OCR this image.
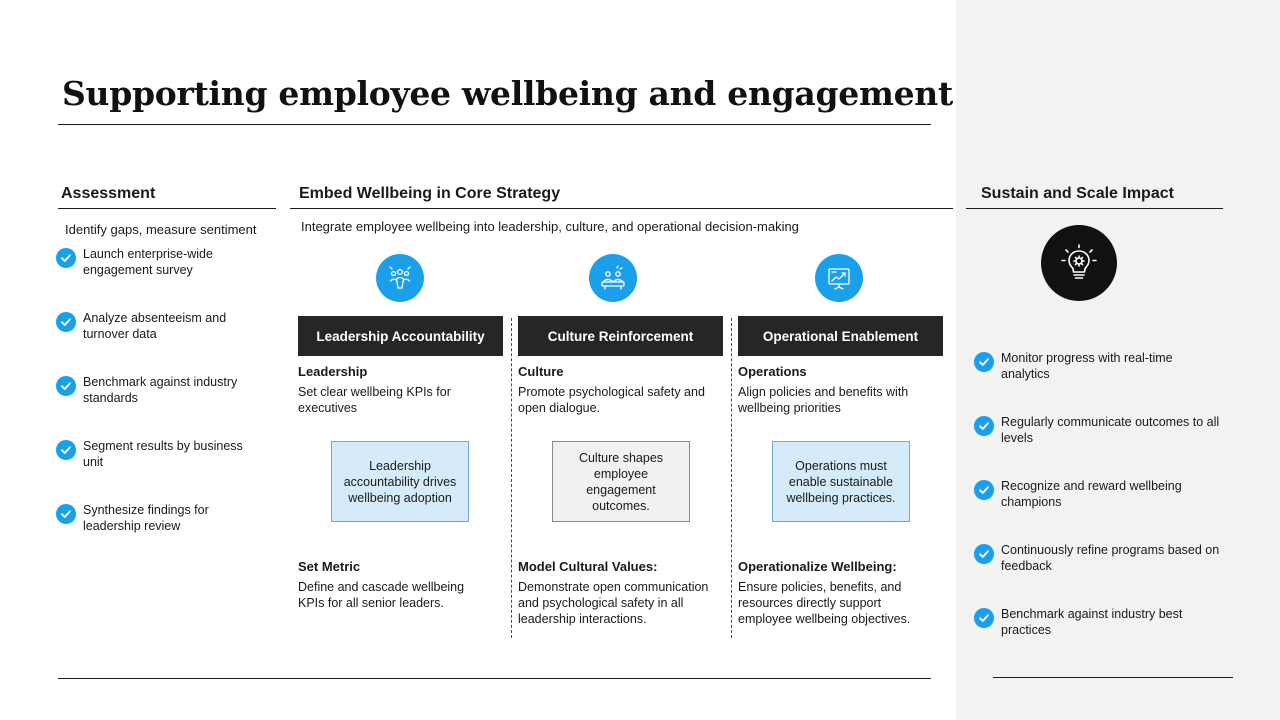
Supporting employee wellbeing and engagement
Assessment
Identify gaps, measure sentiment
Launch enterprise-wide engagement survey
Analyze absenteeism and turnover data
Benchmark against industry standards
Segment results by business unit
Synthesize findings for leadership review
Embed Wellbeing in Core Strategy
Integrate employee wellbeing into leadership, culture, and operational decision-making
Leadership Accountability	Culture Reinforcement	Operational Enablement
Leadership
Set clear wellbeing KPIs for executives
Culture
Promote psychological safety and open dialogue.
Operations
Align policies and benefits with wellbeing priorities
Leadership accountability drives wellbeing adoption
Culture shapes employee engagement outcomes.
Operations must enable sustainable wellbeing practices.
Set Metric
Define and cascade wellbeing KPIs for all senior leaders.
Model Cultural Values:
Demonstrate open communication and psychological safety in all leadership interactions.
Operationalize Wellbeing:
Ensure policies, benefits, and resources directly support employee wellbeing objectives.
Sustain and Scale Impact
Monitor progress with real-time analytics
Regularly communicate outcomes to all levels
Recognize and reward wellbeing champions
Continuously refine programs based on feedback
Benchmark against industry best practices
